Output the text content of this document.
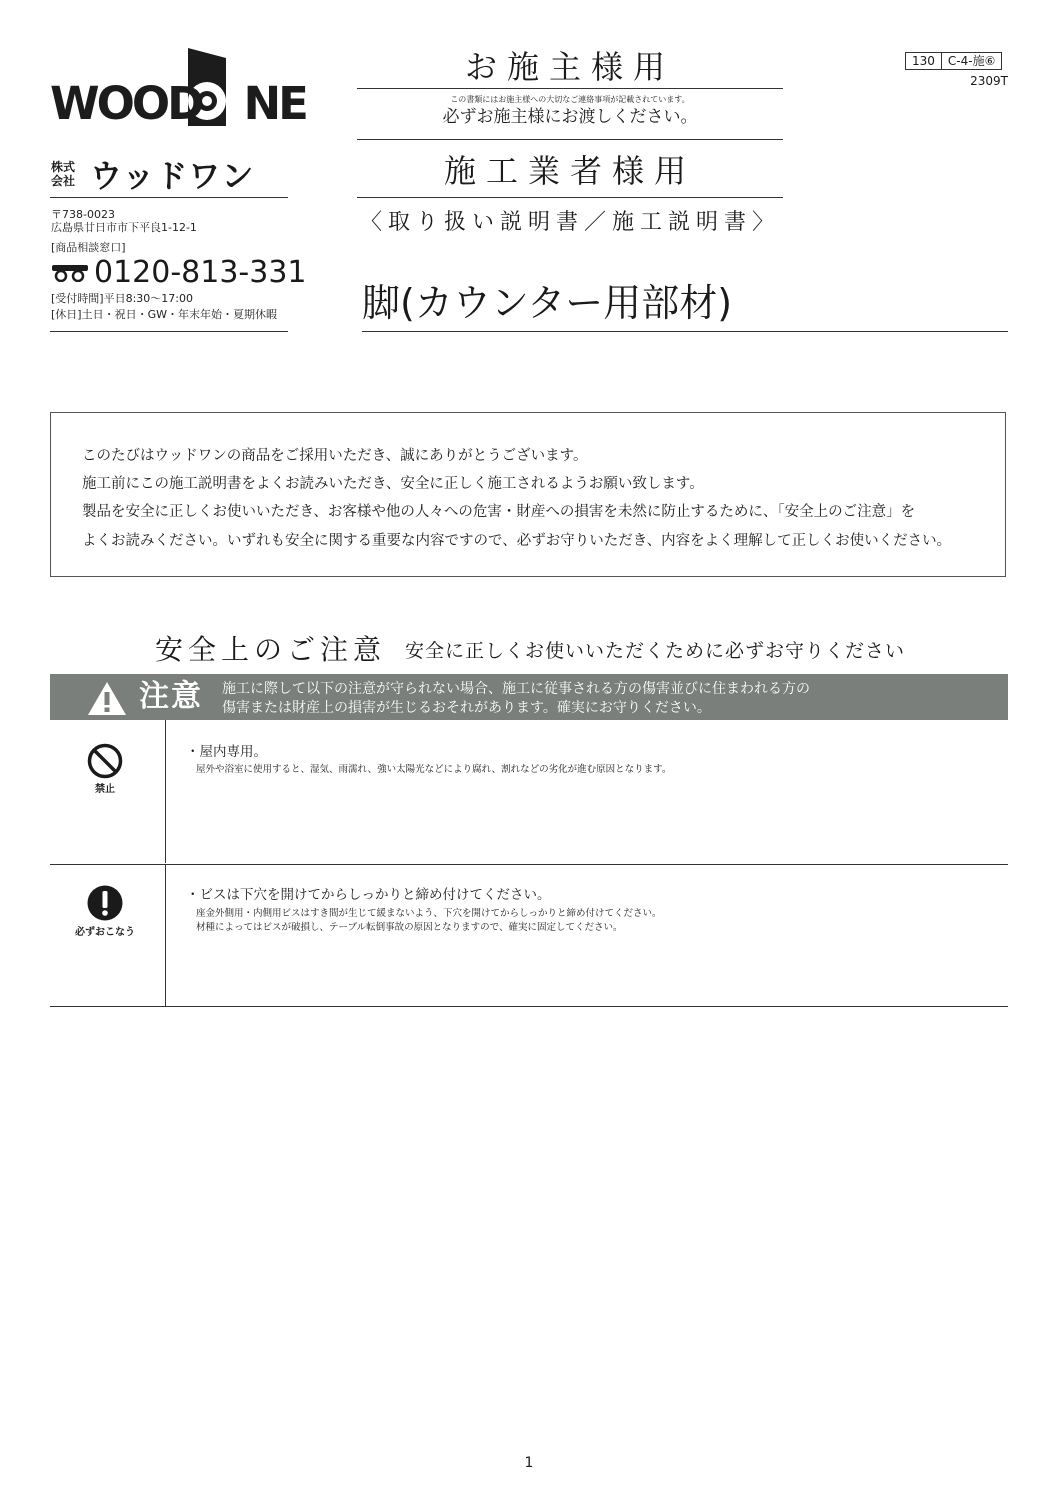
WOOD NE
株式会社 ウッドワン
〒738-0023
広島県廿日市市下平良1-12-1
[商品相談窓口]
0120-813-331
[受付時間]平日8:30〜17:00
[休日]土日・祝日・GW・年末年始・夏期休暇
お施主様用
この書類にはお施主様への大切なご連絡事項が記載されています。
必ずお施主様にお渡しください。
施工業者様用
〈取り扱い説明書／施工説明書〉
脚(カウンター用部材)
130	C-4-施⑥
2309T
このたびはウッドワンの商品をご採用いただき、誠にありがとうございます。
施工前にこの施工説明書をよくお読みいただき、安全に正しく施工されるようお願い致します。
製品を安全に正しくお使いいただき、お客様や他の人々への危害・財産への損害を未然に防止するために、「安全上のご注意」を
よくお読みください。いずれも安全に関する重要な内容ですので、必ずお守りいただき、内容をよく理解して正しくお使いください。
安全上のご注意 安全に正しくお使いいただくために必ずお守りください
注意 施工に際して以下の注意が守られない場合、施工に従事される方の傷害並びに住まわれる方の
傷害または財産上の損害が生じるおそれがあります。確実にお守りください。
禁止
・屋内専用。
屋外や浴室に使用すると、湿気、雨濡れ、強い太陽光などにより腐れ、割れなどの劣化が進む原因となります。
必ずおこなう
・ビスは下穴を開けてからしっかりと締め付けてください。
座金外側用・内側用ビスはすき間が生じて緩まないよう、下穴を開けてからしっかりと締め付けてください。
材種によってはビスが破損し、テーブル転倒事故の原因となりますので、確実に固定してください。
1
